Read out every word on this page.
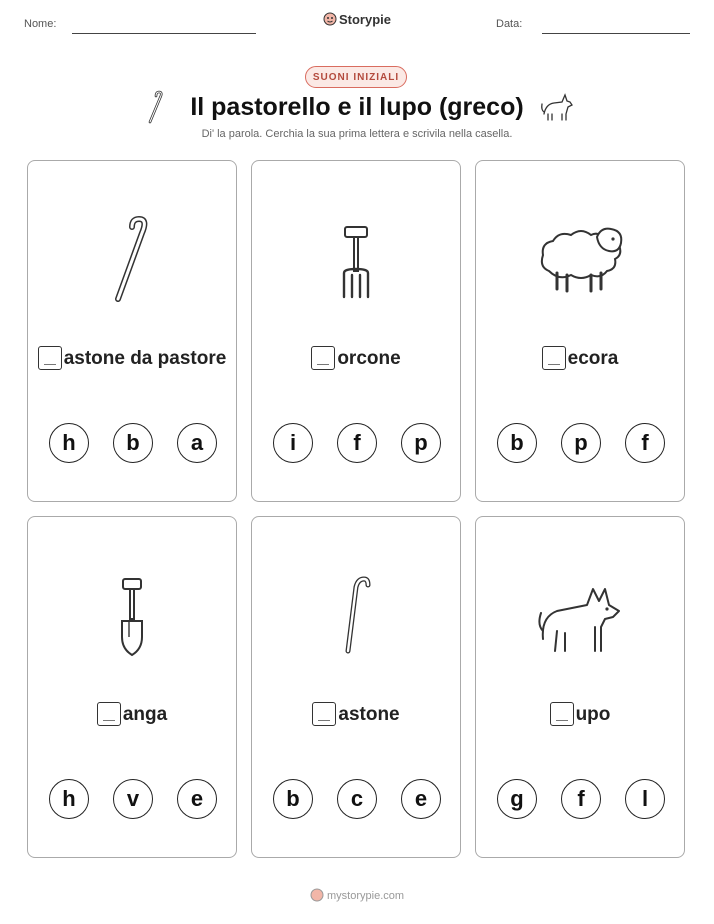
Nome:	Storypie	Data:
SUONI INIZIALI
Il pastorello e il lupo (greco)
Di' la parola. Cerchia la sua prima lettera e scrivila nella casella.
astone da pastore
h	b	a
orcone
i	f	p
ecora
b	p	f
anga
h	v	e
astone
b	c	e
upo
g	f	l
mystorypie.com
